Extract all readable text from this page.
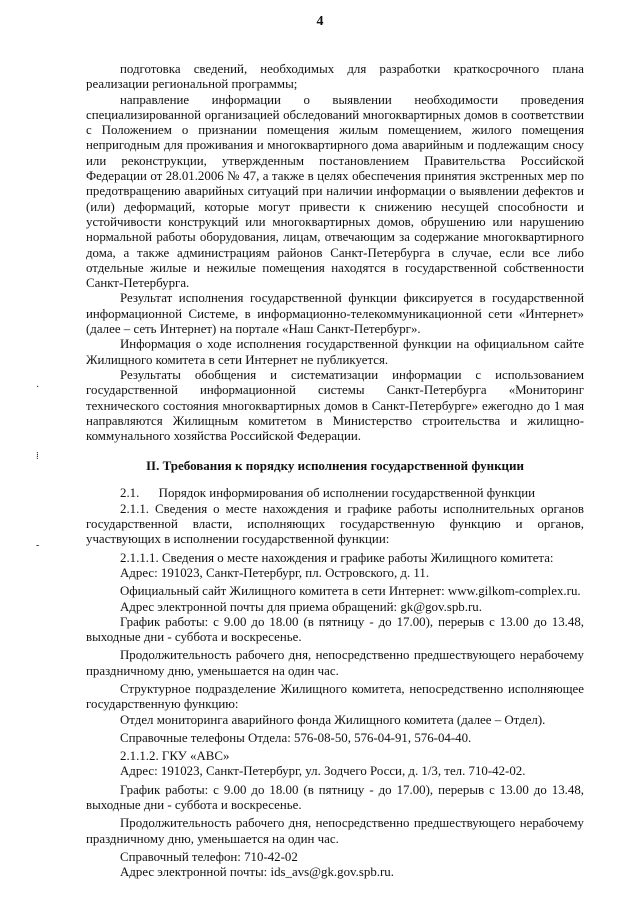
4
·
⁞
-

подготовка сведений, необходимых для разработки краткосрочного плана реализации региональной программы;

направление информации о выявлении необходимости проведения специализированной организацией обследований многоквартирных домов в соответствии с Положением о признании помещения жилым помещением, жилого помещения непригодным для проживания и многоквартирного дома аварийным и подлежащим сносу или реконструкции, утвержденным постановлением Правительства Российской Федерации от 28.01.2006 № 47, а также в целях обеспечения принятия экстренных мер по предотвращению аварийных ситуаций при наличии информации о выявлении дефектов и (или) деформаций, которые могут привести к снижению несущей способности и устойчивости конструкций или многоквартирных домов, обрушению или нарушению нормальной работы оборудования, лицам, отвечающим за содержание многоквартирного дома, а также администрациям районов Санкт-Петербурга в случае, если все либо отдельные жилые и нежилые помещения находятся в государственной собственности Санкт-Петербурга.

Результат исполнения государственной функции фиксируется в государственной информационной Системе, в информационно-телекоммуникационной сети «Интернет» (далее – сеть Интернет) на портале «Наш Санкт-Петербург».

Информация о ходе исполнения государственной функции на официальном сайте Жилищного комитета в сети Интернет не публикуется.

Результаты обобщения и систематизации информации с использованием государственной информационной системы Санкт-Петербурга «Мониторинг технического состояния многоквартирных домов в Санкт-Петербурге» ежегодно до 1 мая направляются Жилищным комитетом в Министерство строительства и жилищно-коммунального хозяйства Российской Федерации.

II. Требования к порядку исполнения государственной функции

2.1.      Порядок информирования об исполнении государственной функции

2.1.1. Сведения о месте нахождения и графике работы исполнительных органов государственной власти, исполняющих государственную функцию и органов, участвующих в исполнении государственной функции:

2.1.1.1. Сведения о месте нахождения и графике работы Жилищного комитета:

Адрес: 191023, Санкт-Петербург, пл. Островского, д. 11.

Официальный сайт Жилищного комитета в сети Интернет: www.gilkom-complex.ru.

Адрес электронной почты для приема обращений: gk@gov.spb.ru.

График работы: с 9.00 до 18.00 (в пятницу - до 17.00), перерыв с 13.00 до 13.48, выходные дни - суббота и воскресенье.

Продолжительность рабочего дня, непосредственно предшествующего нерабочему праздничному дню, уменьшается на один час.

Структурное подразделение Жилищного комитета, непосредственно исполняющее государственную функцию:

Отдел мониторинга аварийного фонда Жилищного комитета (далее – Отдел).

Справочные телефоны Отдела: 576-08-50, 576-04-91, 576-04-40.

2.1.1.2. ГКУ «АВС»

Адрес: 191023, Санкт-Петербург, ул. Зодчего Росси, д. 1/3, тел. 710-42-02.

График работы: с 9.00 до 18.00 (в пятницу - до 17.00), перерыв с 13.00 до 13.48, выходные дни - суббота и воскресенье.

Продолжительность рабочего дня, непосредственно предшествующего нерабочему праздничному дню, уменьшается на один час.

Справочный телефон: 710-42-02

Адрес электронной почты: ids_avs@gk.gov.spb.ru.
